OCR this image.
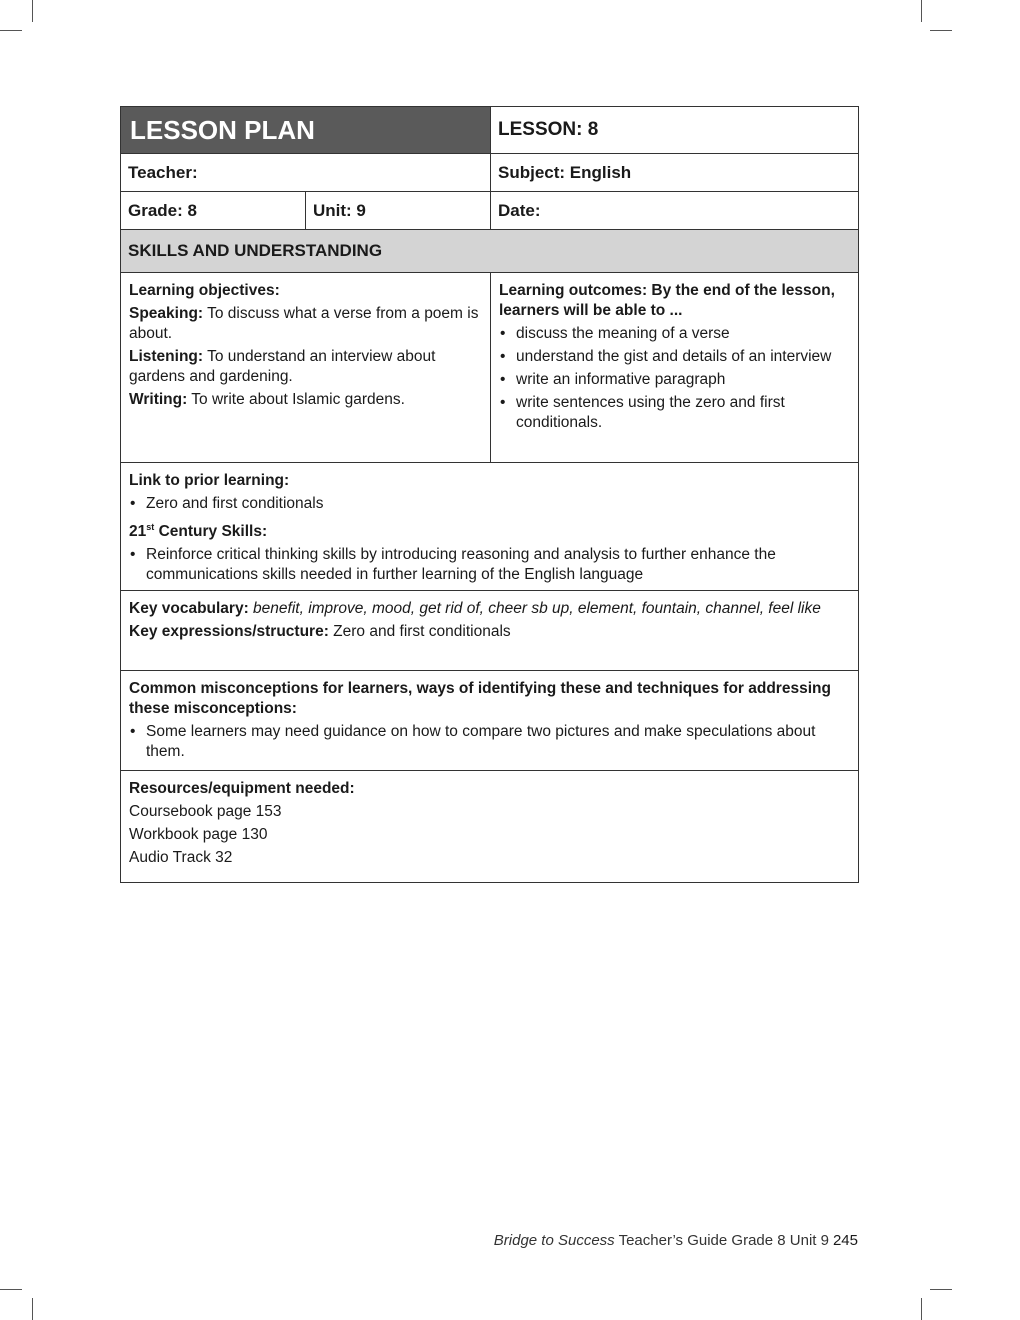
LESSON PLAN	LESSON: 8
Teacher:	Subject: English
Grade: 8	Unit: 9	Date:
SKILLS AND UNDERSTANDING

Learning objectives:

Speaking: To discuss what a verse from a poem is about.

Listening: To understand an interview about gardens and gardening.

Writing: To write about Islamic gardens.

Learning outcomes: By the end of the lesson, learners will be able to ...

• discuss the meaning of a verse
• understand the gist and details of an interview
• write an informative paragraph
• write sentences using the zero and first conditionals.

Link to prior learning:

• Zero and first conditionals

21st Century Skills:

• Reinforce critical thinking skills by introducing reasoning and analysis to further enhance the communications skills needed in further learning of the English language

Key vocabulary: benefit, improve, mood, get rid of, cheer sb up, element, fountain, channel, feel like

Key expressions/structure: Zero and first conditionals

Common misconceptions for learners, ways of identifying these and techniques for addressing these misconceptions:

• Some learners may need guidance on how to compare two pictures and make speculations about them.

Resources/equipment needed:

Coursebook page 153

Workbook page 130

Audio Track 32

Bridge to Success Teacher’s Guide Grade 8 Unit 9 245
